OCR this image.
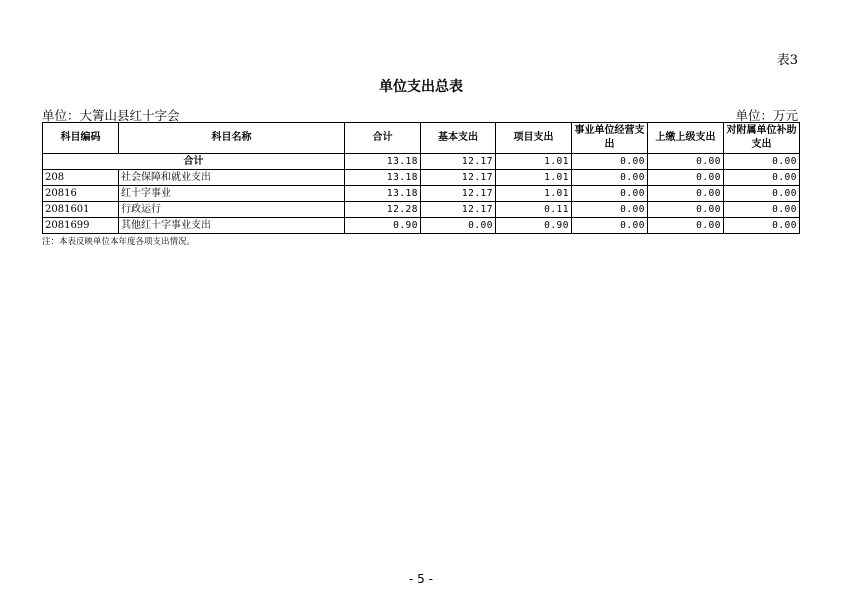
表3
单位支出总表
单位：大箐山县红十字会	单位：万元
科目编码	科目名称	合计	基本支出	项目支出	事业单位经营支出	上缴上级支出	对附属单位补助支出
合计		13.18	12.17	1.01	0.00	0.00	0.00
208	社会保障和就业支出	13.18	12.17	1.01	0.00	0.00	0.00
20816	红十字事业	13.18	12.17	1.01	0.00	0.00	0.00
2081601	行政运行	12.28	12.17	0.11	0.00	0.00	0.00
2081699	其他红十字事业支出	0.90	0.00	0.90	0.00	0.00	0.00
注：本表反映单位本年度各项支出情况。
- 5 -
